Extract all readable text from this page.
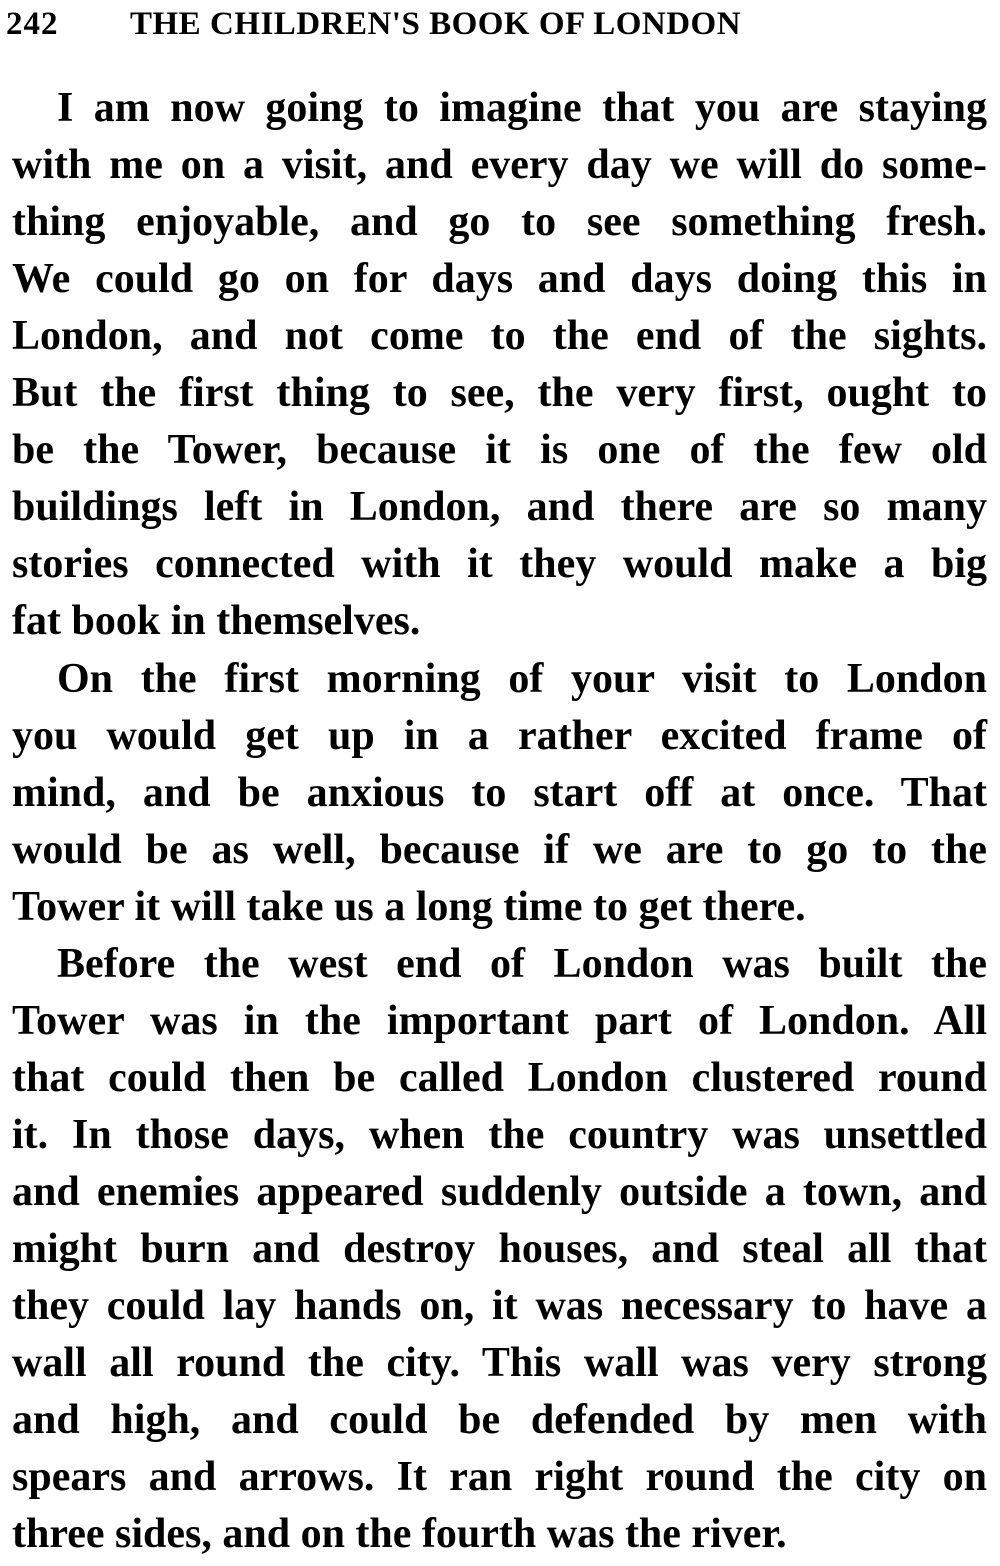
242 THE CHILDREN'S BOOK OF LONDON
I am now going to imagine that you are staying
with me on a visit, and every day we will do some-
thing enjoyable, and go to see something fresh.
We could go on for days and days doing this in
London, and not come to the end of the sights.
But the first thing to see, the very first, ought to
be the Tower, because it is one of the few old
buildings left in London, and there are so many
stories connected with it they would make a big
fat book in themselves.
On the first morning of your visit to London
you would get up in a rather excited frame of
mind, and be anxious to start off at once. That
would be as well, because if we are to go to the
Tower it will take us a long time to get there.
Before the west end of London was built the
Tower was in the important part of London. All
that could then be called London clustered round
it. In those days, when the country was unsettled
and enemies appeared suddenly outside a town, and
might burn and destroy houses, and steal all that
they could lay hands on, it was necessary to have a
wall all round the city. This wall was very strong
and high, and could be defended by men with
spears and arrows. It ran right round the city on
three sides, and on the fourth was the river.
